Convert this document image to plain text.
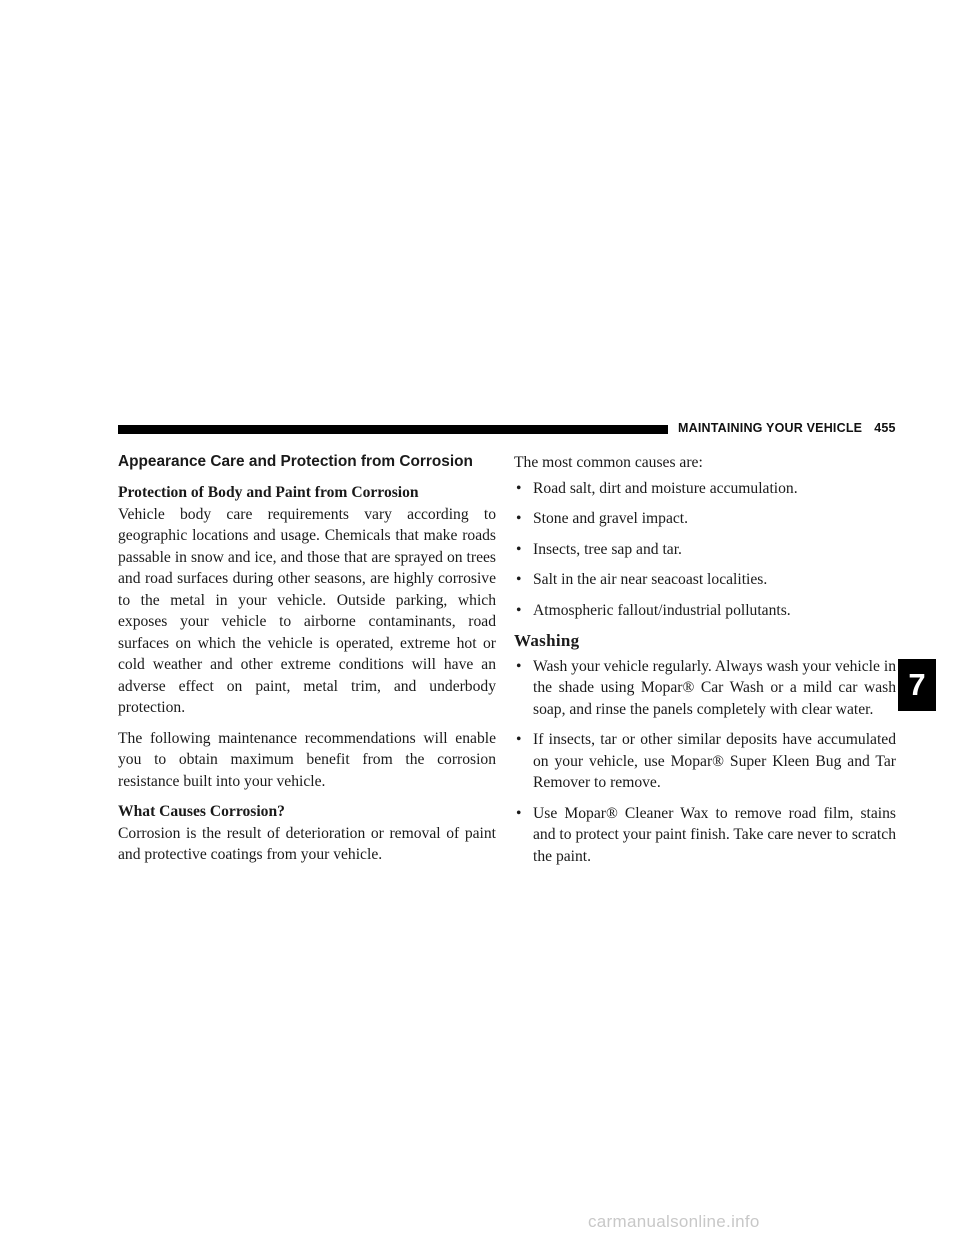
MAINTAINING YOUR VEHICLE 455
Appearance Care and Protection from Corrosion
Protection of Body and Paint from Corrosion

Vehicle body care requirements vary according to geographic locations and usage. Chemicals that make roads passable in snow and ice, and those that are sprayed on trees and road surfaces during other seasons, are highly corrosive to the metal in your vehicle. Outside parking, which exposes your vehicle to airborne contaminants, road surfaces on which the vehicle is operated, extreme hot or cold weather and other extreme conditions will have an adverse effect on paint, metal trim, and underbody protection.

The following maintenance recommendations will enable you to obtain maximum benefit from the corrosion resistance built into your vehicle.

What Causes Corrosion?

Corrosion is the result of deterioration or removal of paint and protective coatings from your vehicle.

The most common causes are:

• Road salt, dirt and moisture accumulation.
• Stone and gravel impact.
• Insects, tree sap and tar.
• Salt in the air near seacoast localities.
• Atmospheric fallout/industrial pollutants.
Washing
• Wash your vehicle regularly. Always wash your vehicle in the shade using Mopar® Car Wash or a mild car wash soap, and rinse the panels completely with clear water.
• If insects, tar or other similar deposits have accumulated on your vehicle, use Mopar® Super Kleen Bug and Tar Remover to remove.
• Use Mopar® Cleaner Wax to remove road film, stains and to protect your paint finish. Take care never to scratch the paint.
7
carmanualsonline.info
